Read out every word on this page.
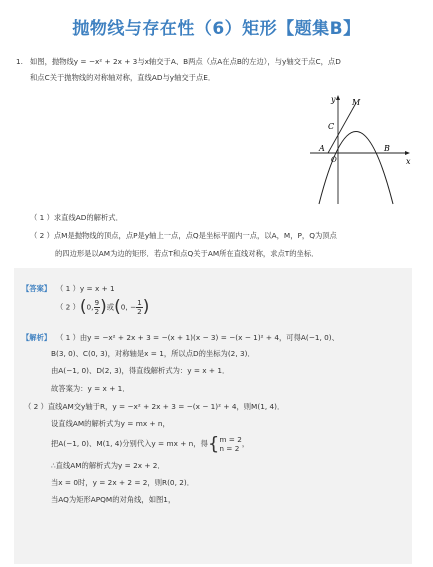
抛物线与存在性（6）矩形【题集B】
1. 如图，抛物线y = −x² + 2x + 3与x轴交于A、B两点（点A在点B的左边），与y轴交于点C，点D
和点C关于抛物线的对称轴对称，直线AD与y轴交于点E．
y
x
M
C
A
O
B
（ 1 ）求直线AD的解析式．
（ 2 ）点M是抛物线的顶点，点P是y轴上一点，点Q是坐标平面内一点，以A，M，P，Q为顶点
的四边形是以AM为边的矩形．若点T和点Q关于AM所在直线对称，求点T的坐标．
【答案】 （ 1 ）y = x + 1
（ 2 ）(0, $\frac{9}{2}$ )或(0, − $\frac{1}{2}$ )
【解析】 （ 1 ）由y = −x² + 2x + 3 = −(x + 1)(x − 3) = −(x − 1)² + 4，可得A(−1, 0)、
B(3, 0)、C(0, 3)，对称轴是x = 1，所以点D的坐标为(2, 3)．
由A(−1, 0)、D(2, 3)，得直线解析式为：y = x + 1．
故答案为：y = x + 1．
（ 2 ）直线AM交y轴于R，y = −x² + 2x + 3 = −(x − 1)² + 4，则M(1, 4)．
设直线AM的解析式为y = mx + n，
把A(−1, 0)、M(1, 4)分别代入y = mx + n，得{ m = 2
n = 2
，
∴直线AM的解析式为y = 2x + 2．
当x = 0时，y = 2x + 2 = 2，则R(0, 2)．
当AQ为矩形APQM的对角线，如图1，
